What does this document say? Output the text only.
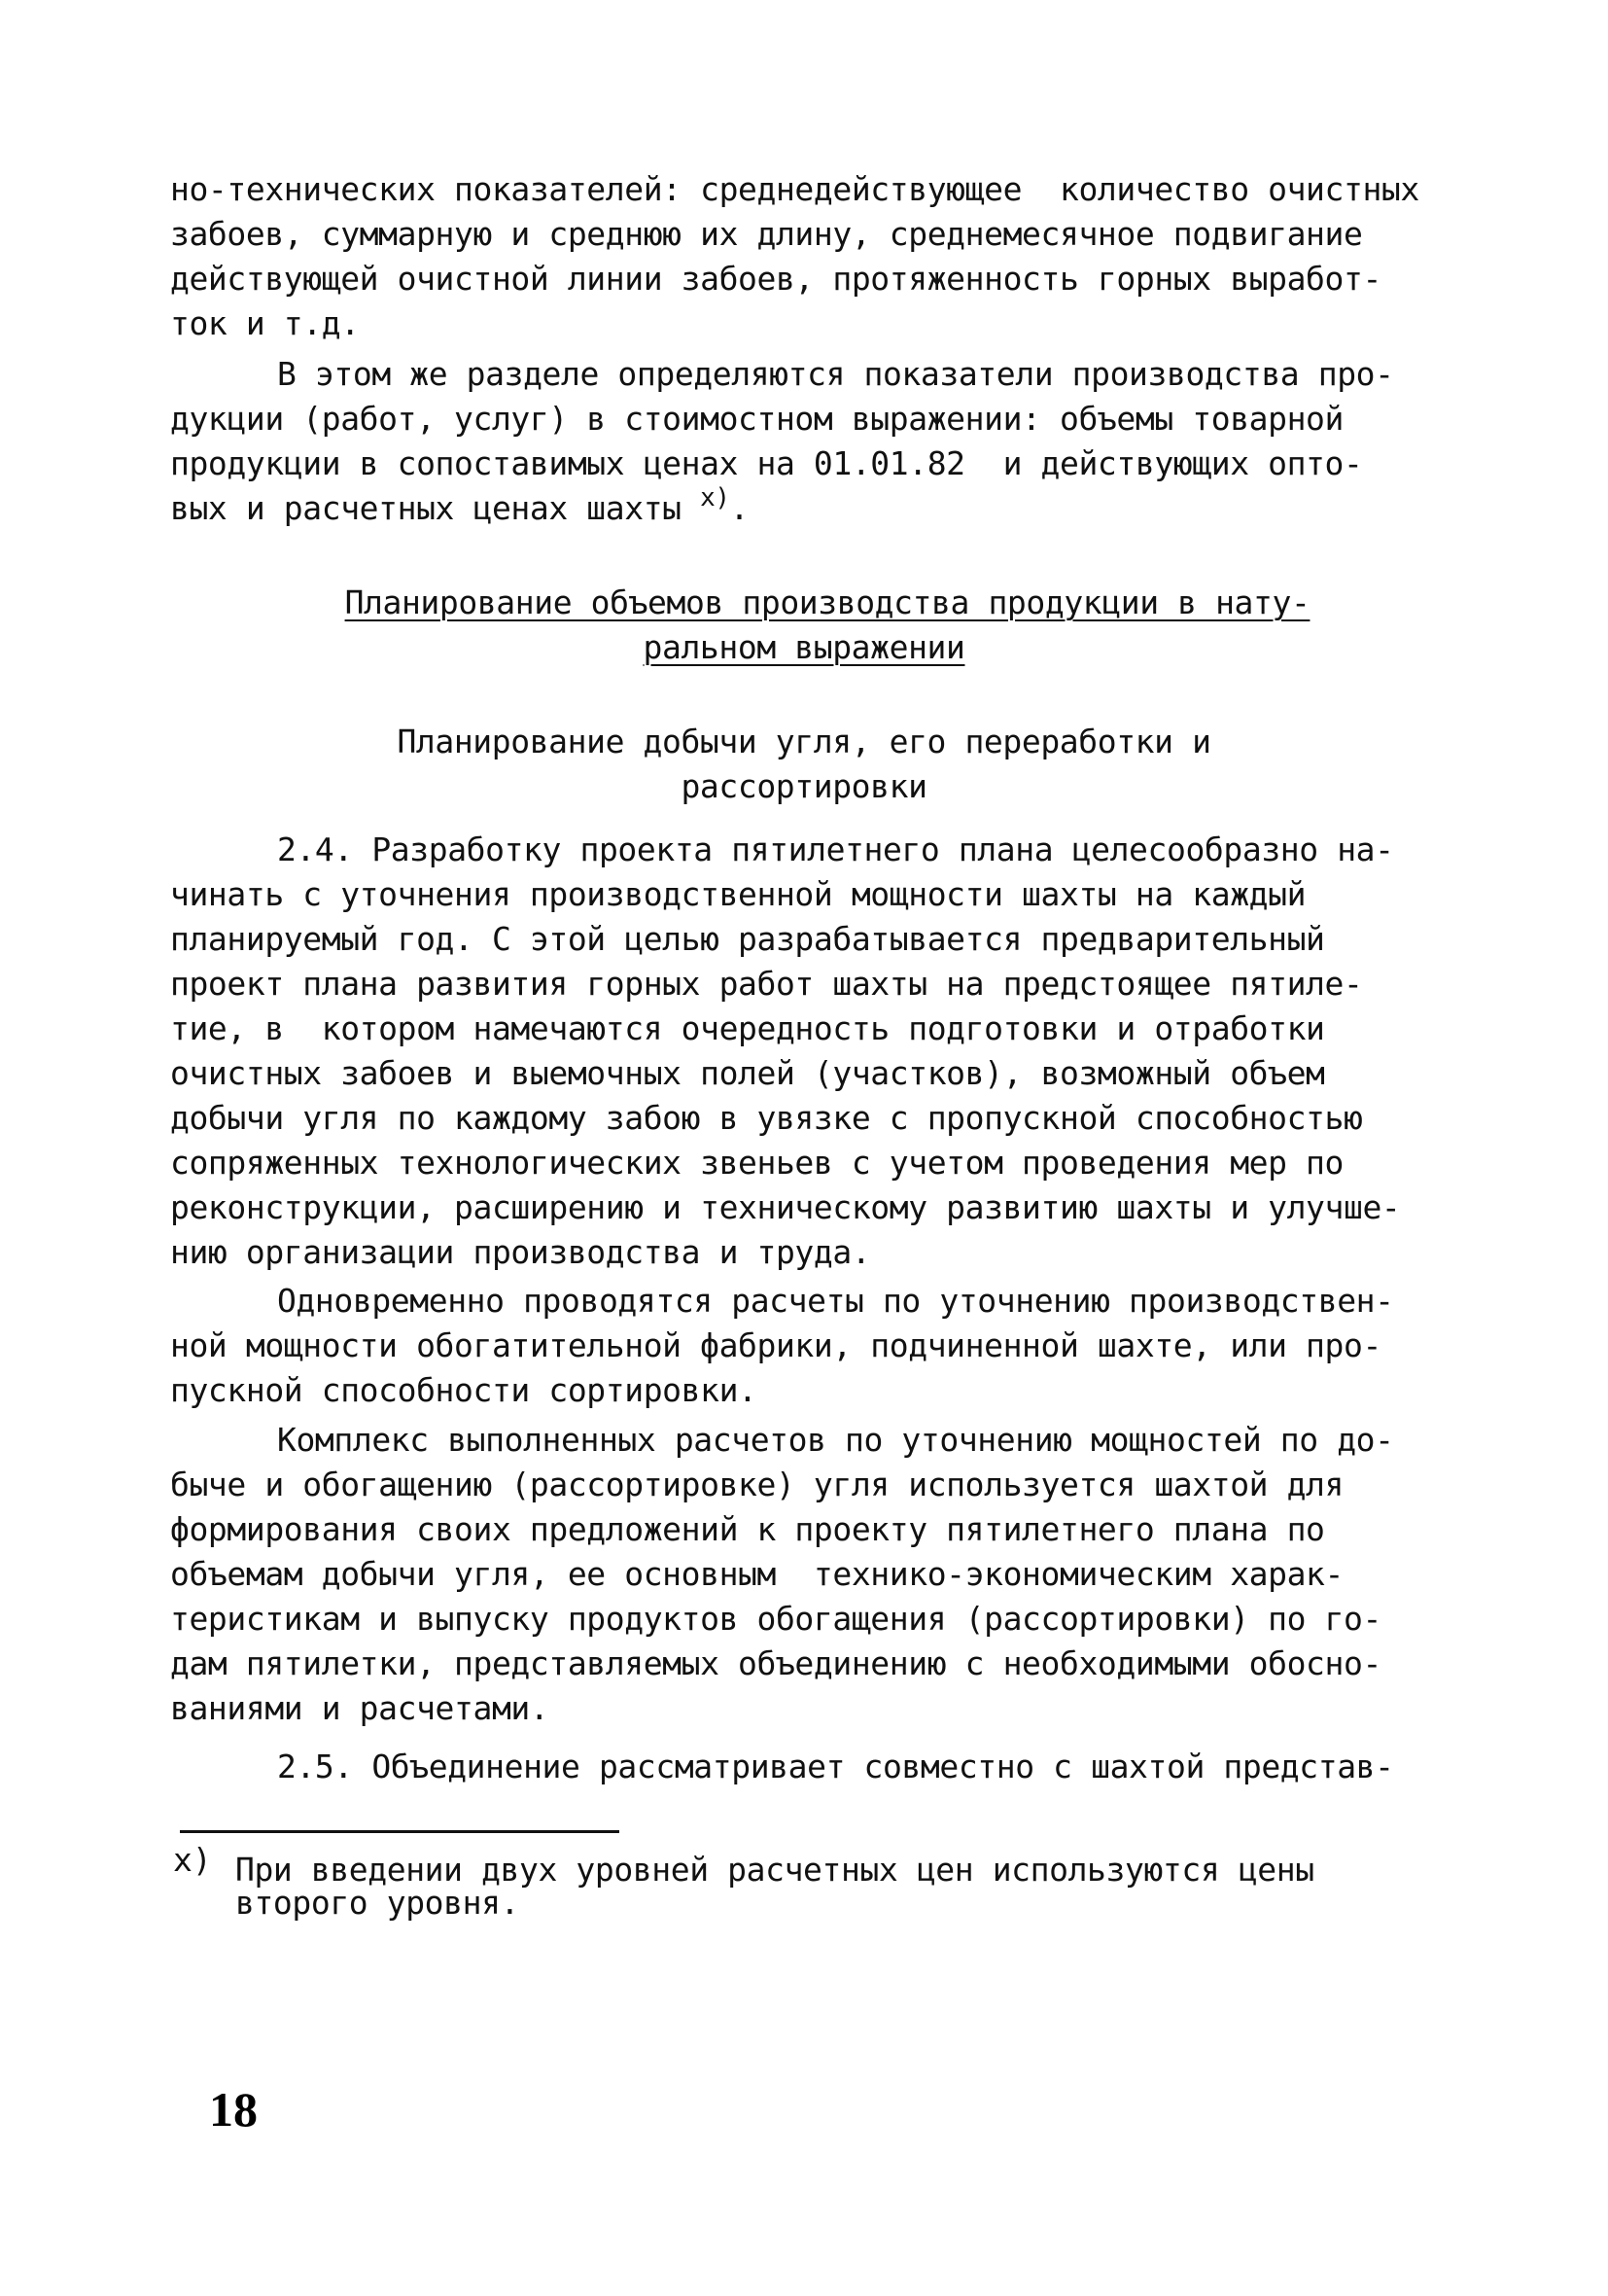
но-технических показателей: среднедействующее  количество очистных
забоев, суммарную и среднюю их длину, среднемесячное подвигание
действующей очистной линии забоев, протяженность горных выработ-
ток и т.д.
В этом же разделе определяются показатели производства про-
дукции (работ, услуг) в стоимостном выражении: объемы товарной
продукции в сопоставимых ценах на 01.01.82  и действующих опто-
вых и расчетных ценах шахты $^{x)}$.
Планирование объемов производства продукции в нату-
ральном выражении
Планирование добычи угля, его переработки и
рассортировки
2.4. Разработку проекта пятилетнего плана целесообразно на-
чинать с уточнения производственной мощности шахты на каждый
планируемый год. С этой целью разрабатывается предварительный
проект плана развития горных работ шахты на предстоящее пятиле-
тие, в  котором намечаются очередность подготовки и отработки
очистных забоев и выемочных полей (участков), возможный объем
добычи угля по каждому забою в увязке с пропускной способностью
сопряженных технологических звеньев с учетом проведения мер по
реконструкции, расширению и техническому развитию шахты и улучше-
нию организации производства и труда.
Одновременно проводятся расчеты по уточнению производствен-
ной мощности обогатительной фабрики, подчиненной шахте, или про-
пускной способности сортировки.
Комплекс выполненных расчетов по уточнению мощностей по до-
быче и обогащению (рассортировке) угля используется шахтой для
формирования своих предложений к проекту пятилетнего плана по
объемам добычи угля, ее основным  технико-экономическим харак-
теристикам и выпуску продуктов обогащения (рассортировки) по го-
дам пятилетки, представляемых объединению с необходимыми обосно-
ваниями и расчетами.
2.5. Объединение рассматривает совместно с шахтой представ-
x) При введении двух уровней расчетных цен используются цены
второго уровня.
18
